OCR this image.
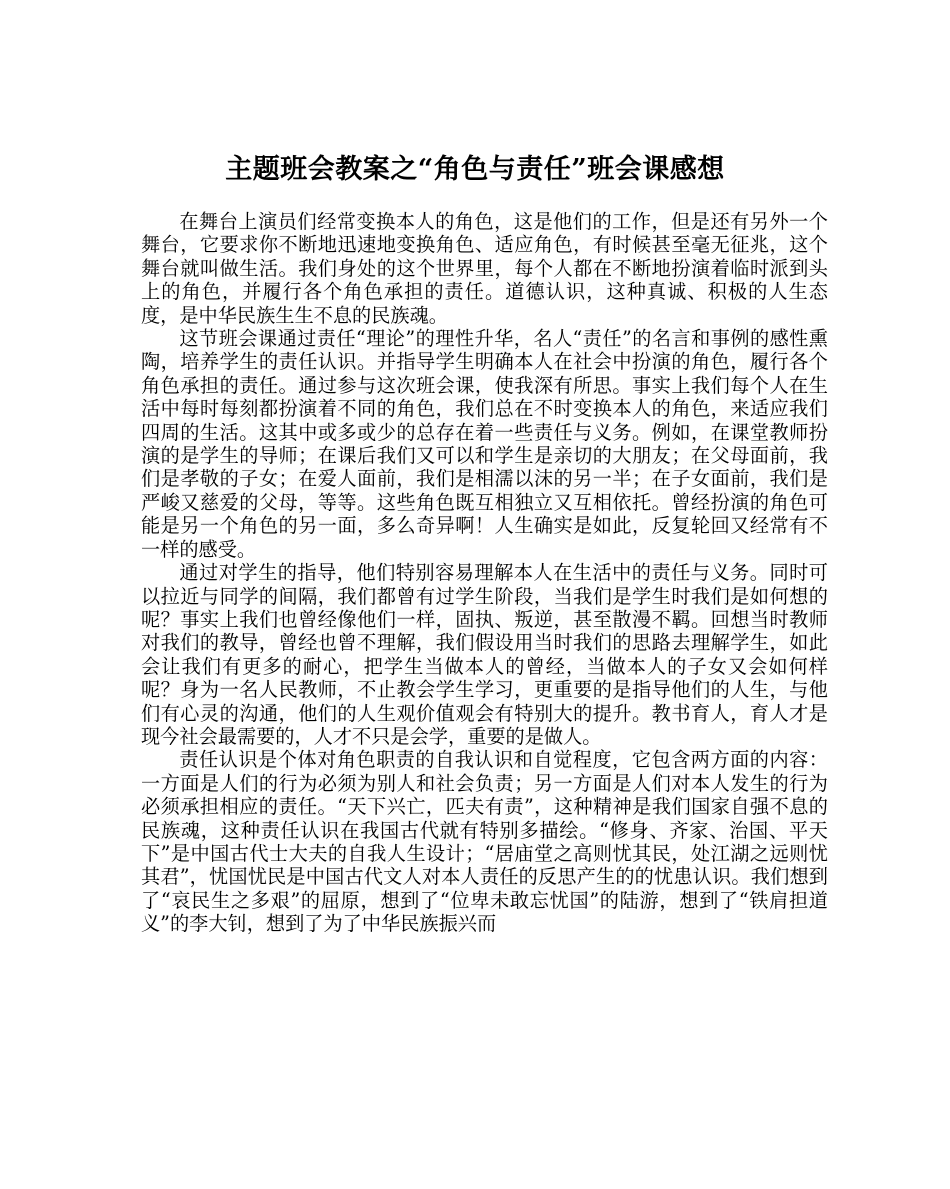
主题班会教案之“角色与责任”班会课感想

在舞台上演员们经常变换本人的角色，这是他们的工作，但是还有另外一个舞台，它要求你不断地迅速地变换角色、适应角色，有时候甚至毫无征兆，这个舞台就叫做生活。我们身处的这个世界里，每个人都在不断地扮演着临时派到头上的角色，并履行各个角色承担的责任。道德认识，这种真诚、积极的人生态度，是中华民族生生不息的民族魂。

这节班会课通过责任“理论”的理性升华，名人“责任”的名言和事例的感性熏陶，培养学生的责任认识。并指导学生明确本人在社会中扮演的角色，履行各个角色承担的责任。通过参与这次班会课，使我深有所思。事实上我们每个人在生活中每时每刻都扮演着不同的角色，我们总在不时变换本人的角色，来适应我们四周的生活。这其中或多或少的总存在着一些责任与义务。例如，在课堂教师扮演的是学生的导师；在课后我们又可以和学生是亲切的大朋友；在父母面前，我们是孝敬的子女；在爱人面前，我们是相濡以沫的另一半；在子女面前，我们是严峻又慈爱的父母，等等。这些角色既互相独立又互相依托。曾经扮演的角色可能是另一个角色的另一面，多么奇异啊！人生确实是如此，反复轮回又经常有不一样的感受。

通过对学生的指导，他们特别容易理解本人在生活中的责任与义务。同时可以拉近与同学的间隔，我们都曾有过学生阶段，当我们是学生时我们是如何想的呢？事实上我们也曾经像他们一样，固执、叛逆，甚至散漫不羁。回想当时教师对我们的教导，曾经也曾不理解，我们假设用当时我们的思路去理解学生，如此会让我们有更多的耐心，把学生当做本人的曾经，当做本人的子女又会如何样呢？身为一名人民教师，不止教会学生学习，更重要的是指导他们的人生，与他们有心灵的沟通，他们的人生观价值观会有特别大的提升。教书育人，育人才是现今社会最需要的，人才不只是会学，重要的是做人。

责任认识是个体对角色职责的自我认识和自觉程度，它包含两方面的内容：一方面是人们的行为必须为别人和社会负责；另一方面是人们对本人发生的行为必须承担相应的责任。“天下兴亡，匹夫有责”，这种精神是我们国家自强不息的民族魂，这种责任认识在我国古代就有特别多描绘。“修身、齐家、治国、平天下”是中国古代士大夫的自我人生设计；“居庙堂之高则忧其民，处江湖之远则忧其君”，忧国忧民是中国古代文人对本人责任的反思产生的的忧患认识。我们想到了“哀民生之多艰”的屈原，想到了“位卑未敢忘忧国”的陆游，想到了“铁肩担道义”的李大钊，想到了为了中华民族振兴而
